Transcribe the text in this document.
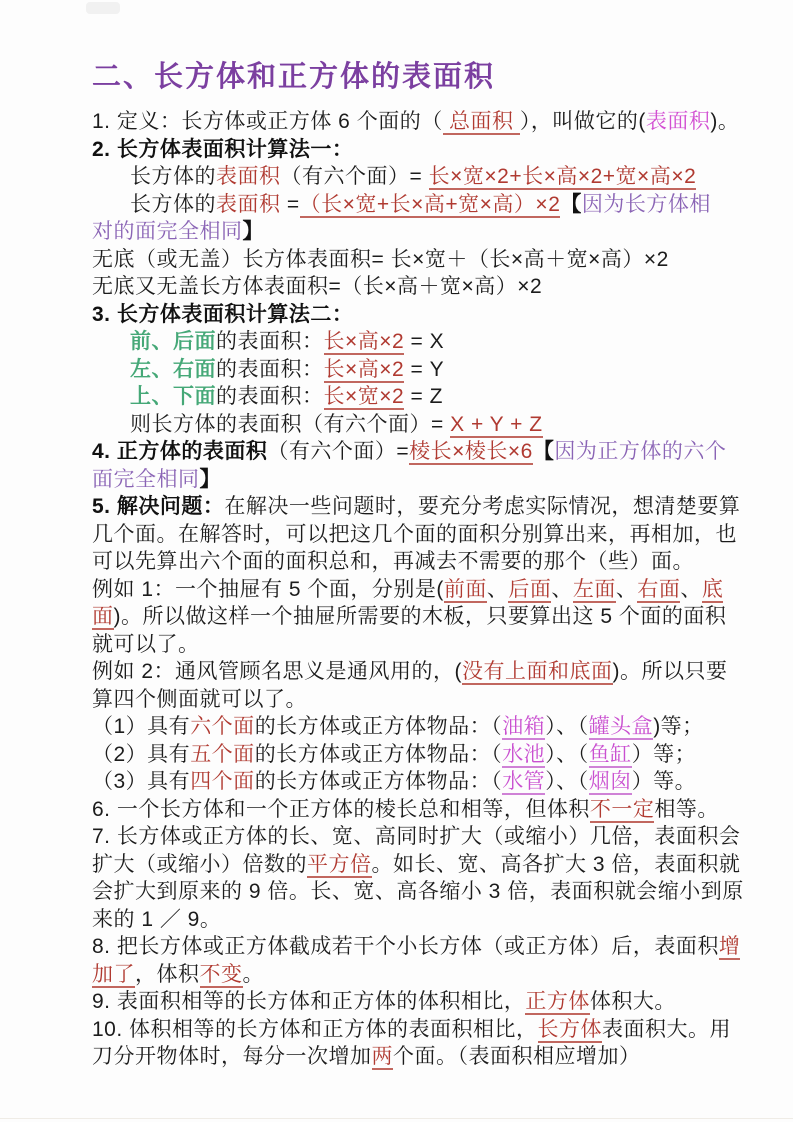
二、长方体和正方体的表面积
1. 定义：长方体或正方体 6 个面的（ 总面积 ），叫做它的(表面积)。
2. 长方体表面积计算法一：
长方体的表面积（有六个面）= 长×宽×2+长×高×2+宽×高×2
长方体的表面积 =（长×宽+长×高+宽×高）×2【因为长方体相
对的面完全相同】
无底（或无盖）长方体表面积= 长×宽＋（长×高＋宽×高）×2
无底又无盖长方体表面积=（长×高＋宽×高）×2
3. 长方体表面积计算法二：
前、后面的表面积：长×高×2 = X
左、右面的表面积：长×高×2 = Y
上、下面的表面积：长×宽×2 = Z
则长方体的表面积（有六个面）= X + Y + Z
4. 正方体的表面积（有六个面）=棱长×棱长×6【因为正方体的六个
面完全相同】
5. 解决问题：在解决一些问题时，要充分考虑实际情况，想清楚要算
几个面。在解答时，可以把这几个面的面积分别算出来，再相加，也
可以先算出六个面的面积总和，再减去不需要的那个（些）面。
例如 1：一个抽屉有 5 个面，分别是(前面、后面、左面、右面、底
面)。所以做这样一个抽屉所需要的木板，只要算出这 5 个面的面积
就可以了。
例如 2：通风管顾名思义是通风用的，(没有上面和底面)。所以只要
算四个侧面就可以了。
（1）具有六个面的长方体或正方体物品：（油箱）、（罐头盒)等；
（2）具有五个面的长方体或正方体物品：（水池）、（鱼缸）等；
（3）具有四个面的长方体或正方体物品：（水管）、（烟囱）等。
6. 一个长方体和一个正方体的棱长总和相等，但体积不一定相等。
7. 长方体或正方体的长、宽、高同时扩大（或缩小）几倍，表面积会
扩大（或缩小）倍数的平方倍。如长、宽、高各扩大 3 倍，表面积就
会扩大到原来的 9 倍。长、宽、高各缩小 3 倍，表面积就会缩小到原
来的 1 ／ 9。
8. 把长方体或正方体截成若干个小长方体（或正方体）后，表面积增
加了，体积不变。
9. 表面积相等的长方体和正方体的体积相比，正方体体积大。
10. 体积相等的长方体和正方体的表面积相比，长方体表面积大。用
刀分开物体时，每分一次增加两个面。（表面积相应增加）
